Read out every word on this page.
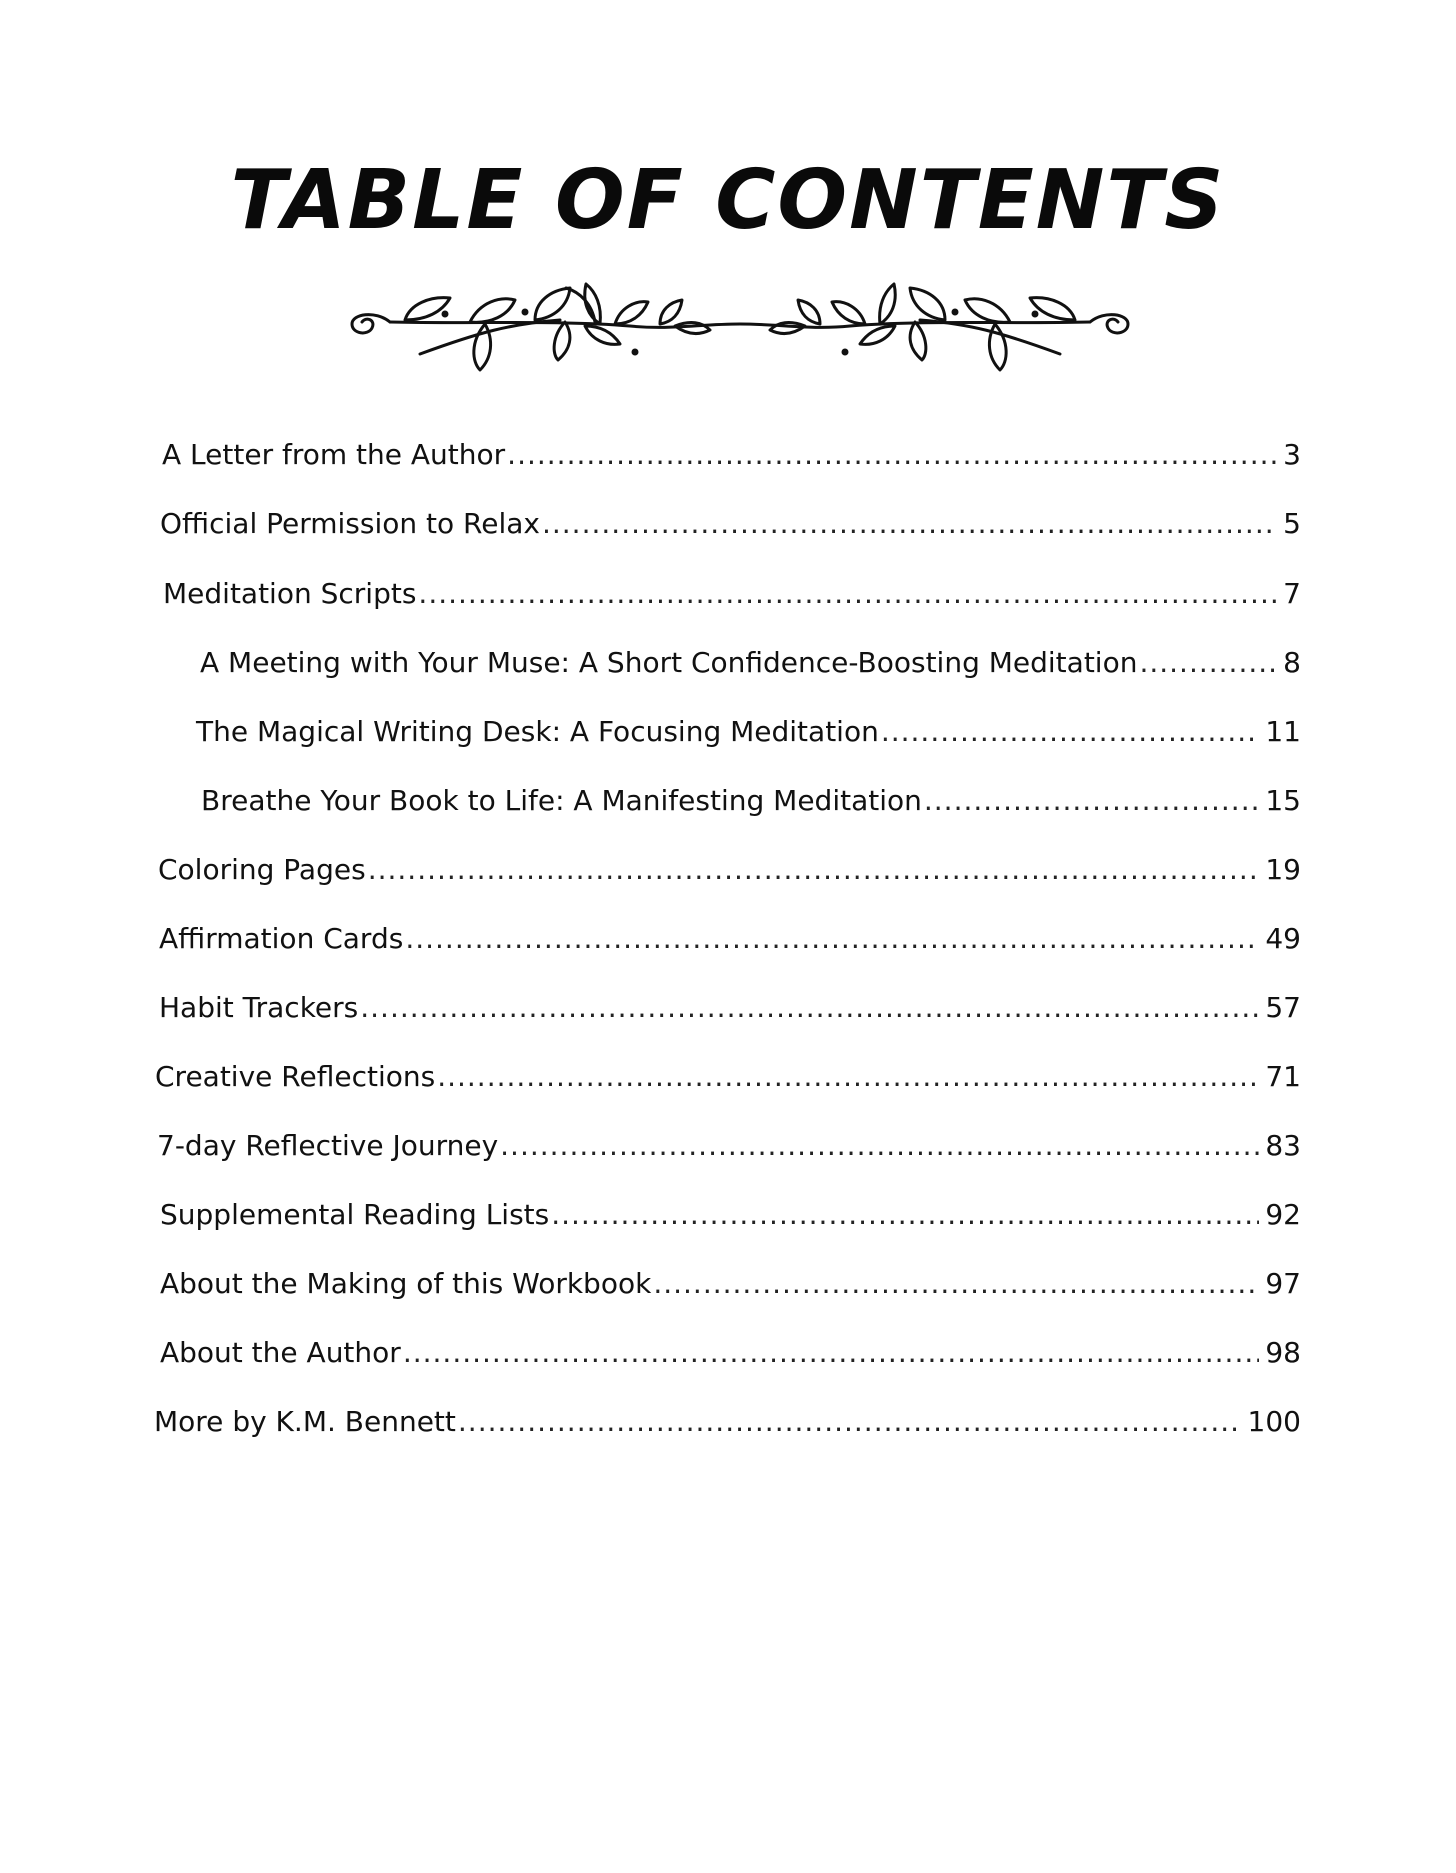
TABLE OF CONTENTS
A Letter from the Author .....	3
Official Permission to Relax .....	5
Meditation Scripts .....	7
A Meeting with Your Muse: A Short Confidence-Boosting Meditation .....	8
The Magical Writing Desk: A Focusing Meditation .....	11
Breathe Your Book to Life: A Manifesting Meditation .....	15
Coloring Pages .....	19
Affirmation Cards .....	49
Habit Trackers .....	57
Creative Reflections .....	71
7-day Reflective Journey .....	83
Supplemental Reading Lists .....	92
About the Making of this Workbook .....	97
About the Author .....	98
More by K.M. Bennett .....	100
